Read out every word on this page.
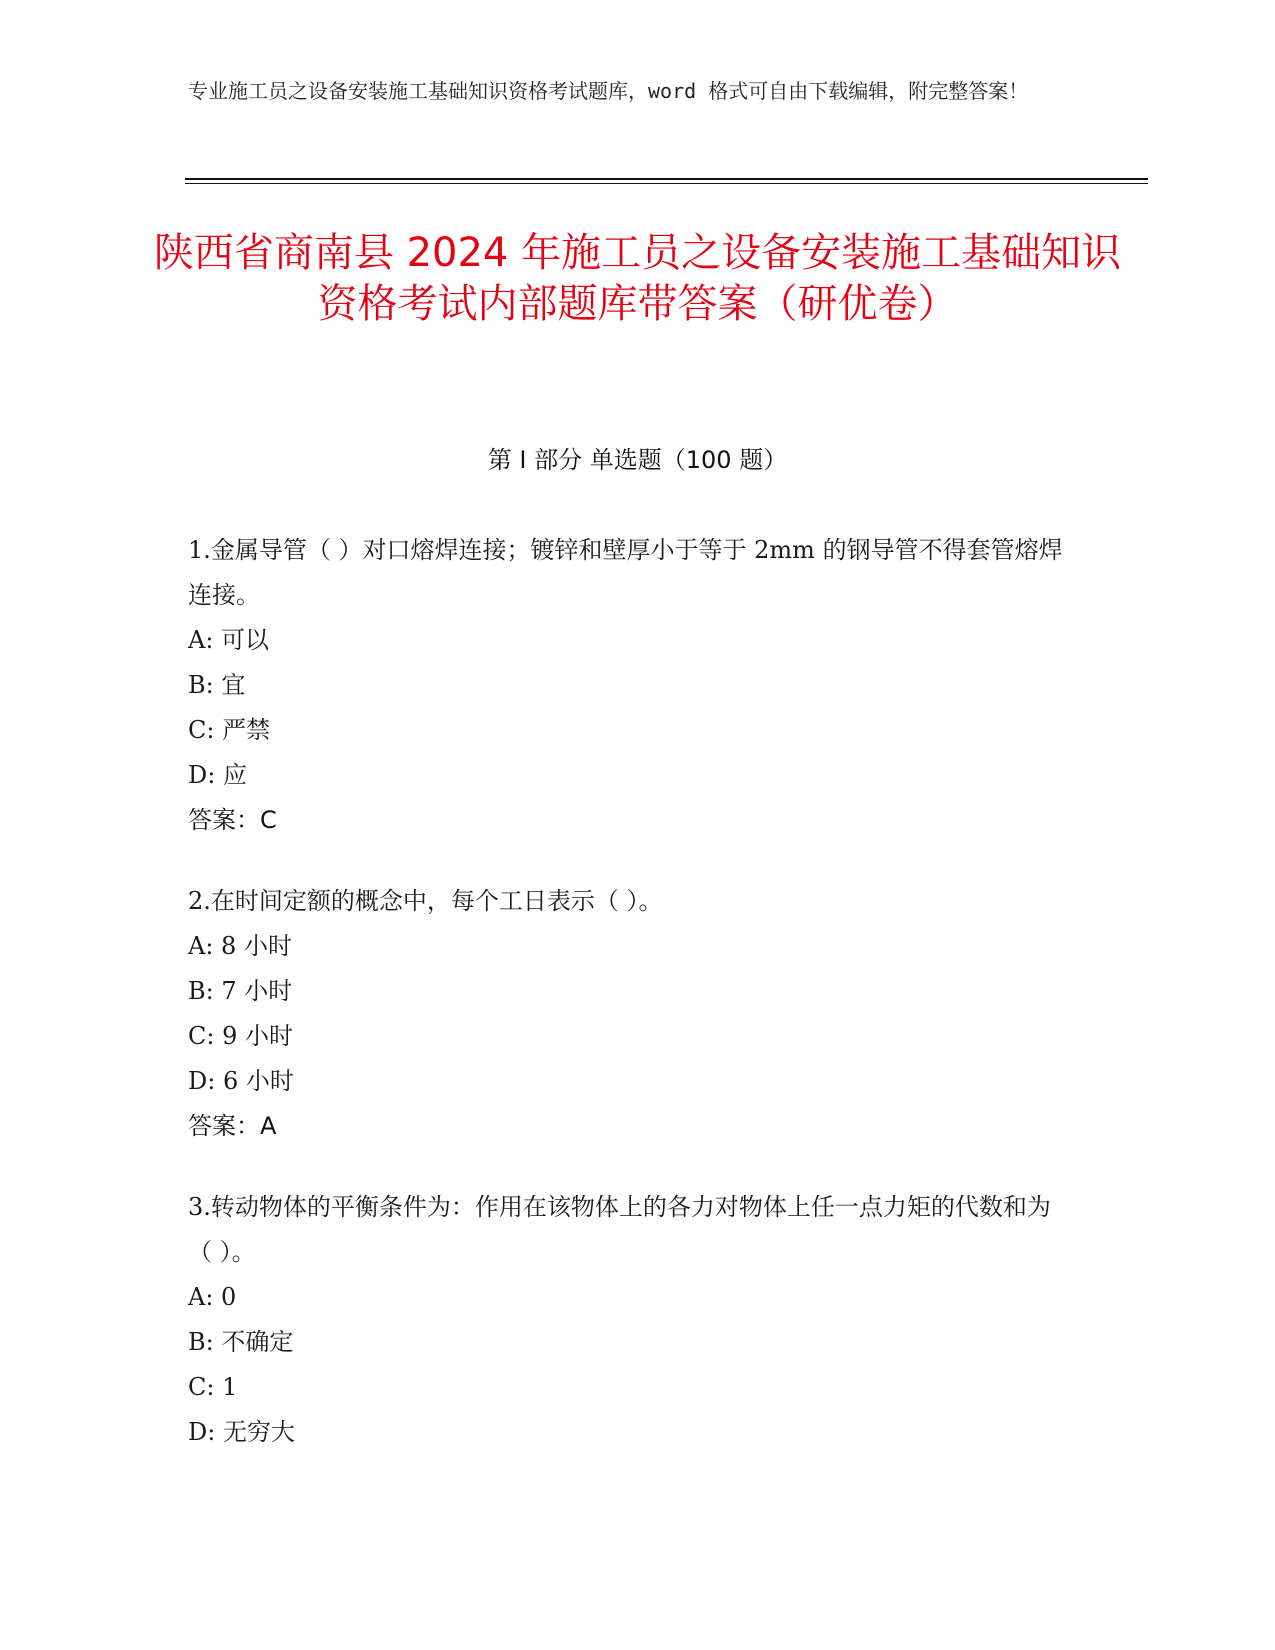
专业施工员之设备安装施工基础知识资格考试题库，word 格式可自由下载编辑，附完整答案！
陕西省商南县 2024 年施工员之设备安装施工基础知识资格考试内部题库带答案（研优卷）
第 I 部分 单选题（100 题）
1.金属导管（ ）对口熔焊连接；镀锌和壁厚小于等于 2mm 的钢导管不得套管熔焊连接。
A: 可以
B: 宜
C: 严禁
D: 应
答案：C
2.在时间定额的概念中，每个工日表示（ ）。
A: 8 小时
B: 7 小时
C: 9 小时
D: 6 小时
答案：A
3.转动物体的平衡条件为：作用在该物体上的各力对物体上任一点力矩的代数和为（ ）。
A: 0
B: 不确定
C: 1
D: 无穷大
